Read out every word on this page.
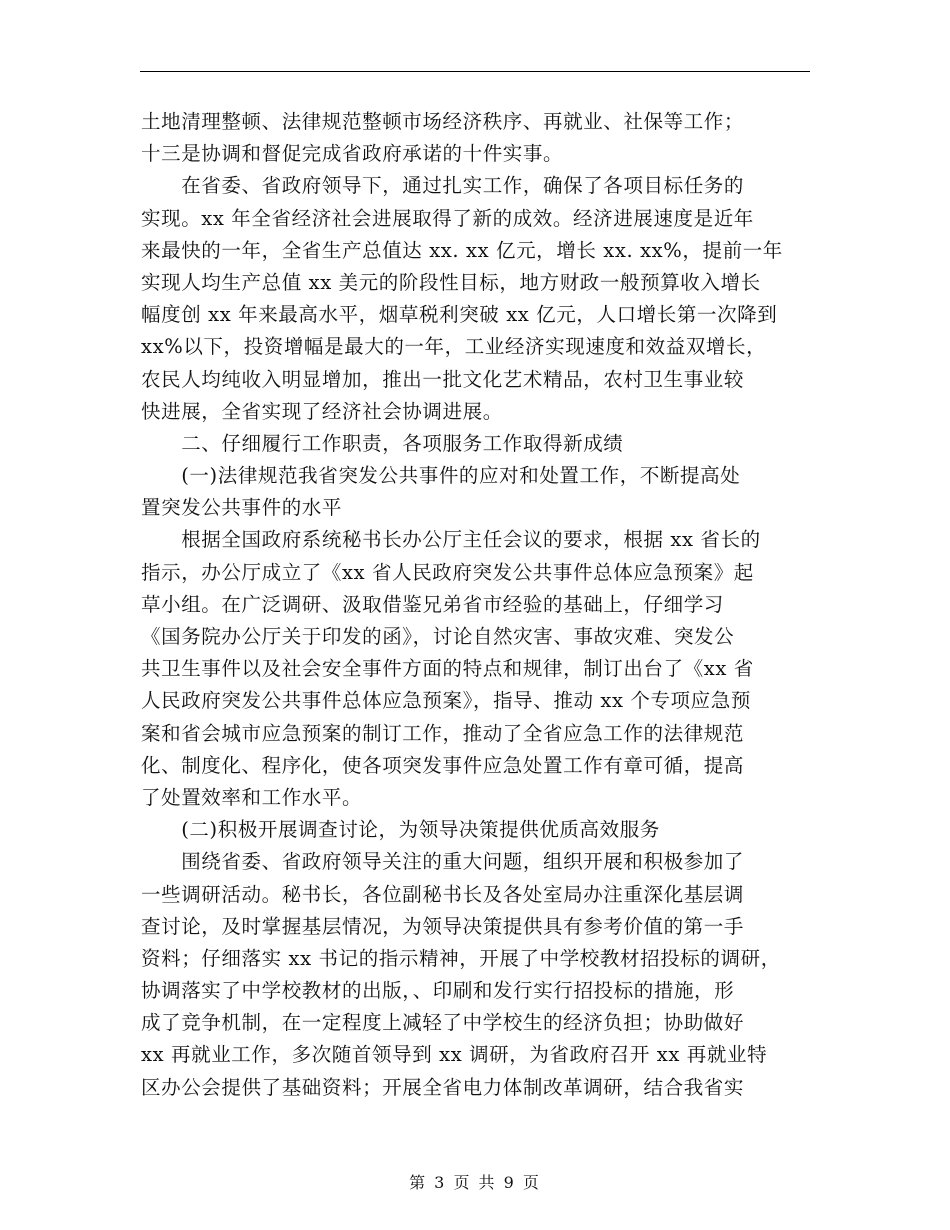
土地清理整顿、法律规范整顿市场经济秩序、再就业、社保等工作；
十三是协调和督促完成省政府承诺的十件实事。
　　在省委、省政府领导下，通过扎实工作，确保了各项目标任务的
实现。xx 年全省经济社会进展取得了新的成效。经济进展速度是近年
来最快的一年，全省生产总值达 xx. xx 亿元，增长 xx. xx%，提前一年
实现人均生产总值 xx 美元的阶段性目标，地方财政一般预算收入增长
幅度创 xx 年来最高水平，烟草税利突破 xx 亿元，人口增长第一次降到
xx%以下，投资增幅是最大的一年，工业经济实现速度和效益双增长，
农民人均纯收入明显增加，推出一批文化艺术精品，农村卫生事业较
快进展，全省实现了经济社会协调进展。
　　二、仔细履行工作职责，各项服务工作取得新成绩
　　(一)法律规范我省突发公共事件的应对和处置工作，不断提高处
置突发公共事件的水平
　　根据全国政府系统秘书长办公厅主任会议的要求，根据 xx 省长的
指示，办公厅成立了《xx 省人民政府突发公共事件总体应急预案》起
草小组。在广泛调研、汲取借鉴兄弟省市经验的基础上，仔细学习
《国务院办公厅关于印发的函》，讨论自然灾害、事故灾难、突发公
共卫生事件以及社会安全事件方面的特点和规律，制订出台了《xx 省
人民政府突发公共事件总体应急预案》，指导、推动 xx 个专项应急预
案和省会城市应急预案的制订工作，推动了全省应急工作的法律规范
化、制度化、程序化，使各项突发事件应急处置工作有章可循，提高
了处置效率和工作水平。
　　(二)积极开展调查讨论，为领导决策提供优质高效服务
　　围绕省委、省政府领导关注的重大问题，组织开展和积极参加了
一些调研活动。秘书长，各位副秘书长及各处室局办注重深化基层调
查讨论，及时掌握基层情况，为领导决策提供具有参考价值的第一手
资料；仔细落实 xx 书记的指示精神，开展了中学校教材招投标的调研，
协调落实了中学校教材的出版，、印刷和发行实行招投标的措施，形
成了竞争机制，在一定程度上减轻了中学校生的经济负担；协助做好
xx 再就业工作，多次随首领导到 xx 调研，为省政府召开 xx 再就业特
区办公会提供了基础资料；开展全省电力体制改革调研，结合我省实
第 3 页 共 9 页
